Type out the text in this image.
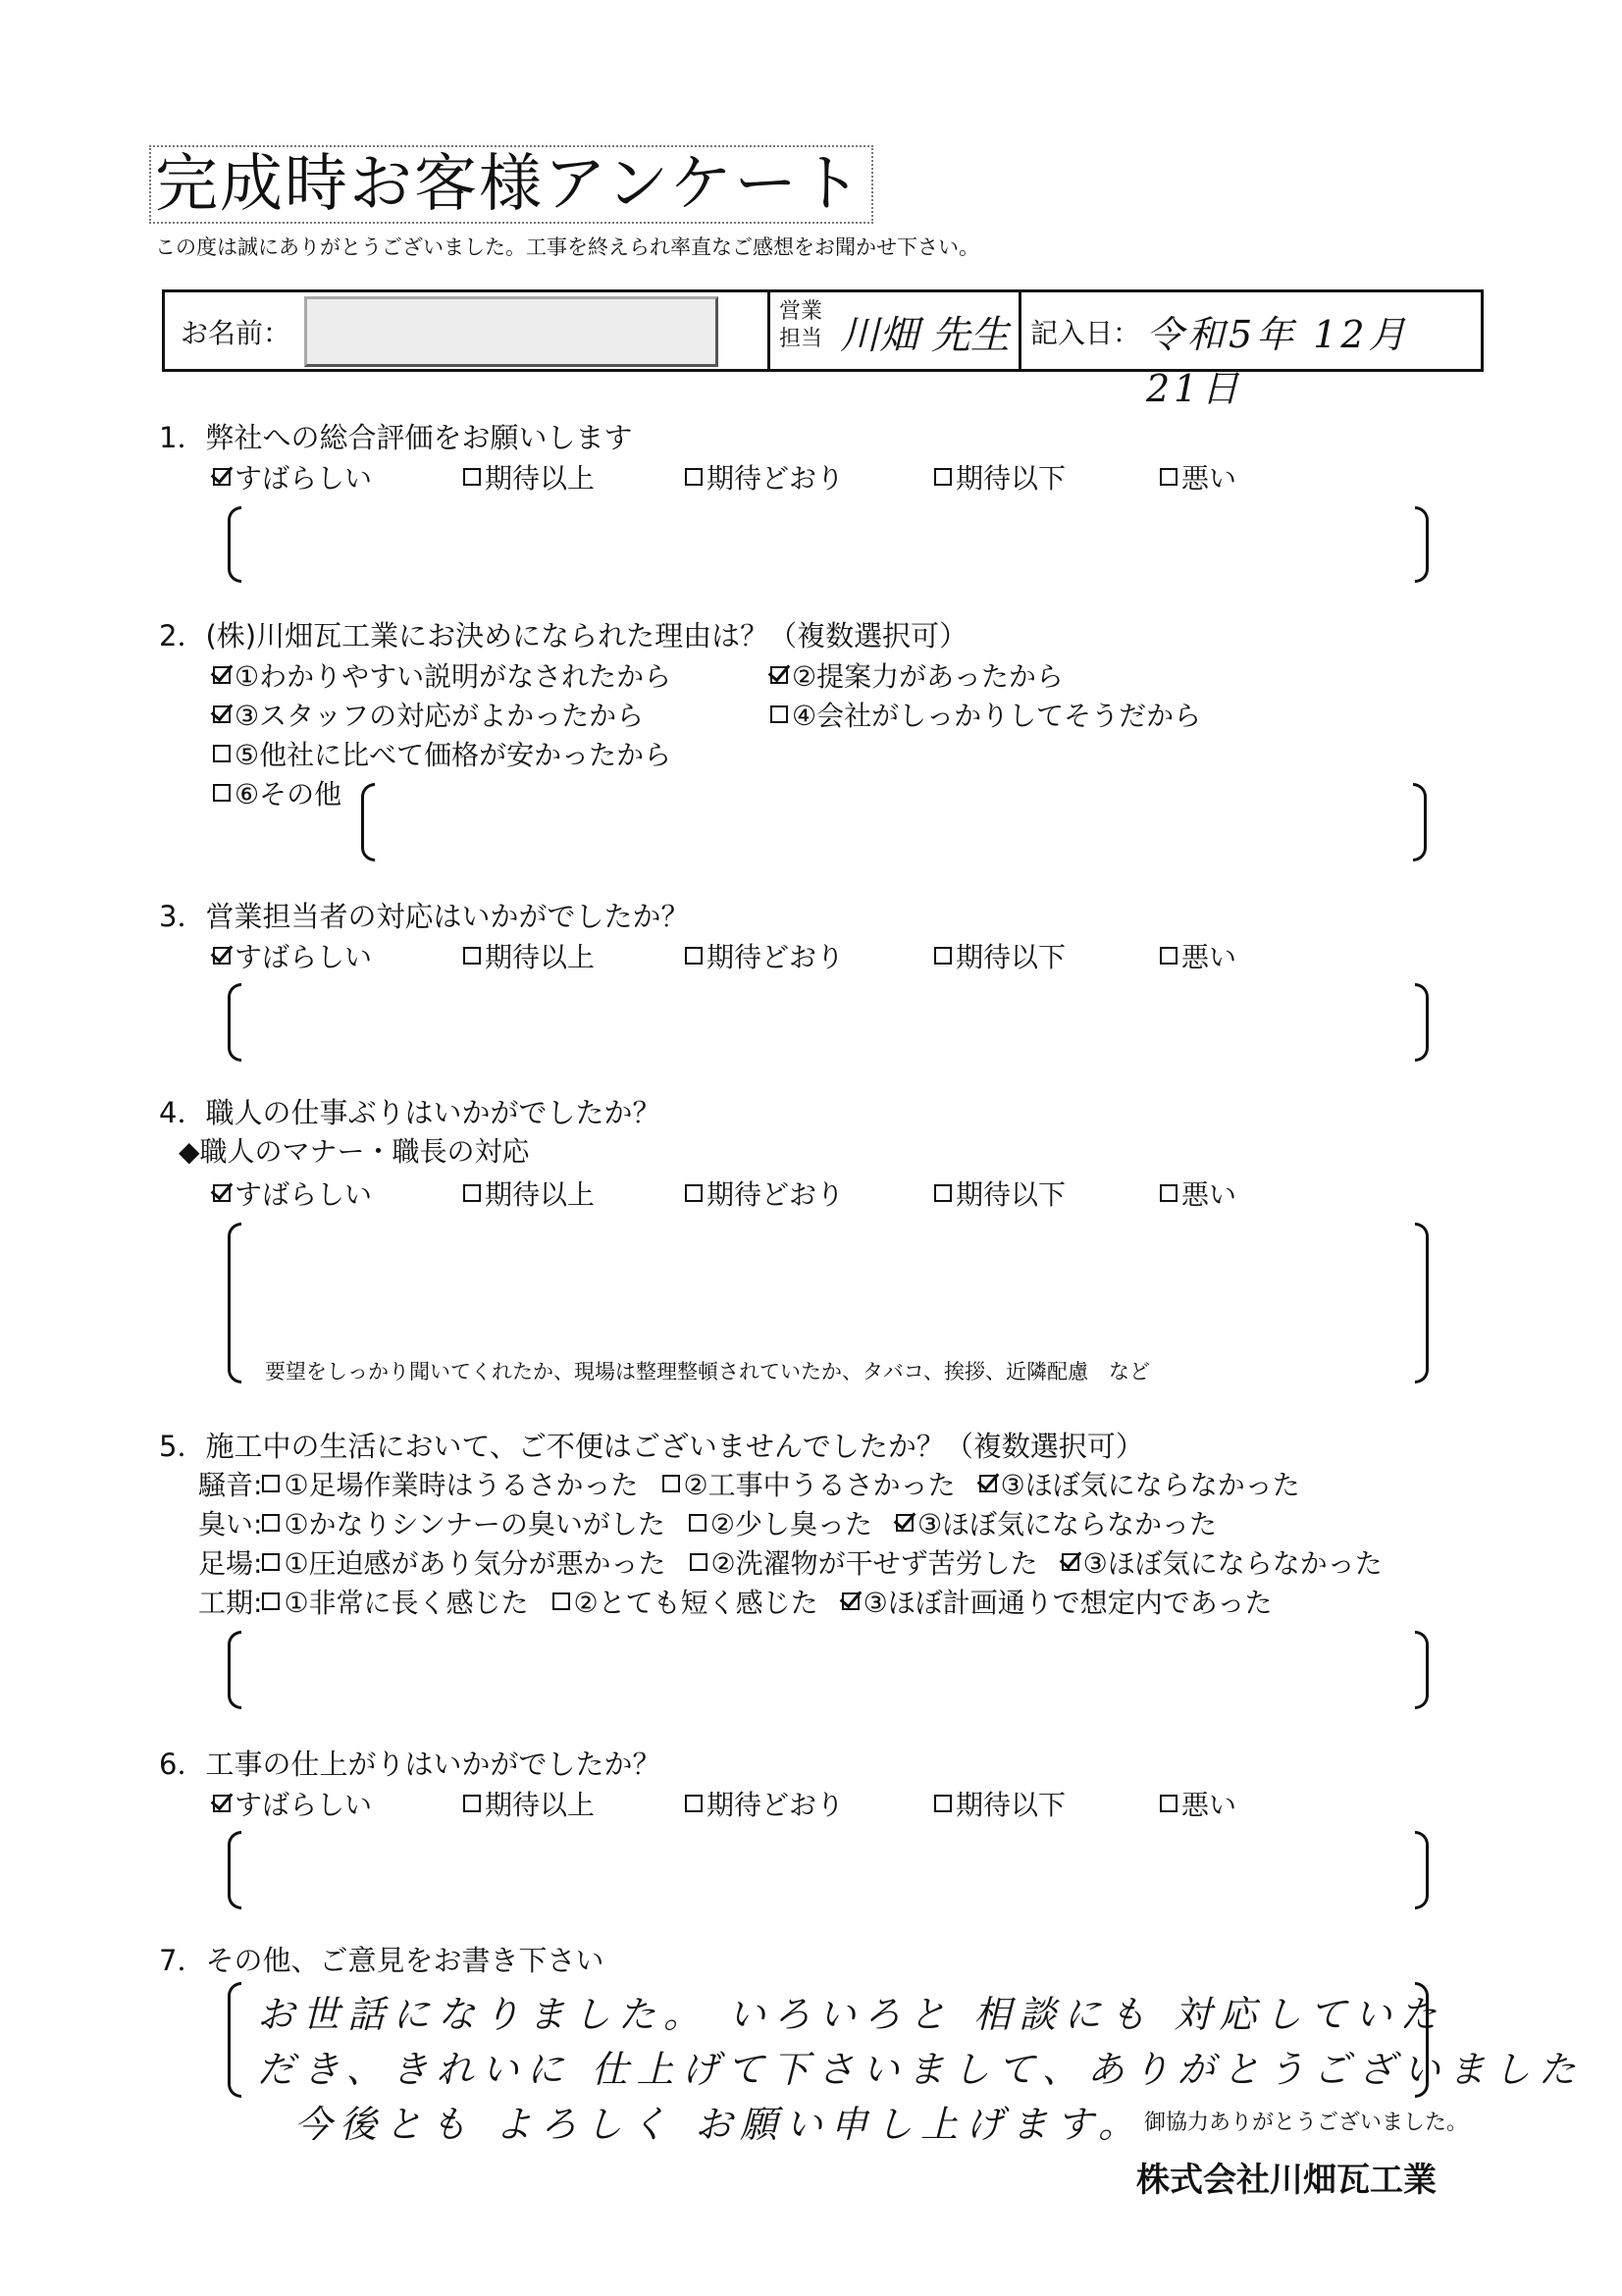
完成時お客様アンケート
この度は誠にありがとうございました。工事を終えられ率直なご感想をお聞かせ下さい。
お名前：
営業
担当 川畑 先生 記入日： 令和5年 12月 21日
1．弊社への総合評価をお願いします
すばらしい	期待以上	期待どおり	期待以下	悪い
2．(株)川畑瓦工業にお決めになられた理由は？（複数選択可）
①わかりやすい説明がなされたから	②提案力があったから
③スタッフの対応がよかったから	④会社がしっかりしてそうだから
⑤他社に比べて価格が安かったから
⑥その他
3．営業担当者の対応はいかがでしたか？
すばらしい	期待以上	期待どおり	期待以下	悪い
4．職人の仕事ぶりはいかがでしたか？
◆職人のマナー・職長の対応
すばらしい	期待以上	期待どおり	期待以下	悪い
要望をしっかり聞いてくれたか、現場は整理整頓されていたか、タバコ、挨拶、近隣配慮　など
5．施工中の生活において、ご不便はございませんでしたか？（複数選択可）
騒音: ①足場作業時はうるさかった ②工事中うるさかった ③ほぼ気にならなかった
臭い: ①かなりシンナーの臭いがした ②少し臭った ③ほぼ気にならなかった
足場: ①圧迫感があり気分が悪かった ②洗濯物が干せず苦労した ③ほぼ気にならなかった
工期: ①非常に長く感じた ②とても短く感じた ③ほぼ計画通りで想定内であった
6．工事の仕上がりはいかがでしたか？
すばらしい	期待以上	期待どおり	期待以下	悪い
7．その他、ご意見をお書き下さい
お世話になりました。 いろいろと 相談にも 対応していた
だき、きれいに 仕上げて下さいまして、ありがとうございました
今後とも よろしく お願い申し上げます。 御協力ありがとうございました。
株式会社川畑瓦工業
